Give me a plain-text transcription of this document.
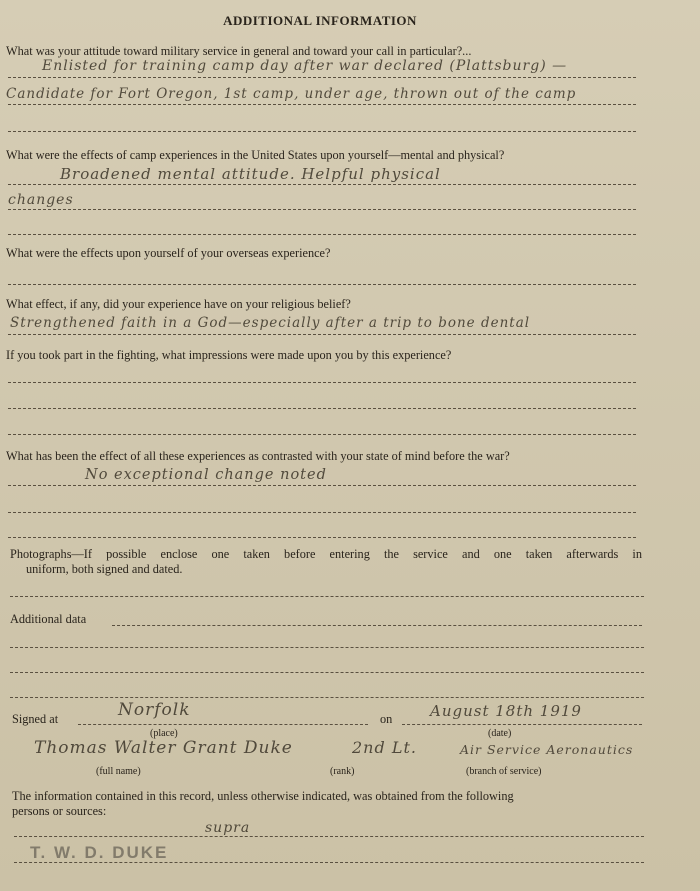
ADDITIONAL INFORMATION
What was your attitude toward military service in general and toward your call in particular?...
Enlisted for training camp day after war declared (Plattsburg) —
Candidate for Fort Oregon, 1st camp, under age, thrown out of the camp
What were the effects of camp experiences in the United States upon yourself—mental and physical?
Broadened mental attitude. Helpful physical
changes
What were the effects upon yourself of your overseas experience?
What effect, if any, did your experience have on your religious belief?
Strengthened faith in a God—especially after a trip to bone dental
If you took part in the fighting, what impressions were made upon you by this experience?
What has been the effect of all these experiences as contrasted with your state of mind before the war?
No exceptional change noted
Photographs—If possible enclose one taken before entering the service and one taken afterwards in
uniform, both signed and dated.
Additional data
Signed at	Norfolk
(place)
on	August 18th 1919
(date)
Thomas Walter Grant Duke	2nd Lt.	Air Service Aeronautics
(full name)	(rank)	(branch of service)
The information contained in this record, unless otherwise indicated, was obtained from the following
persons or sources:
supra
T. W. D. DUKE
